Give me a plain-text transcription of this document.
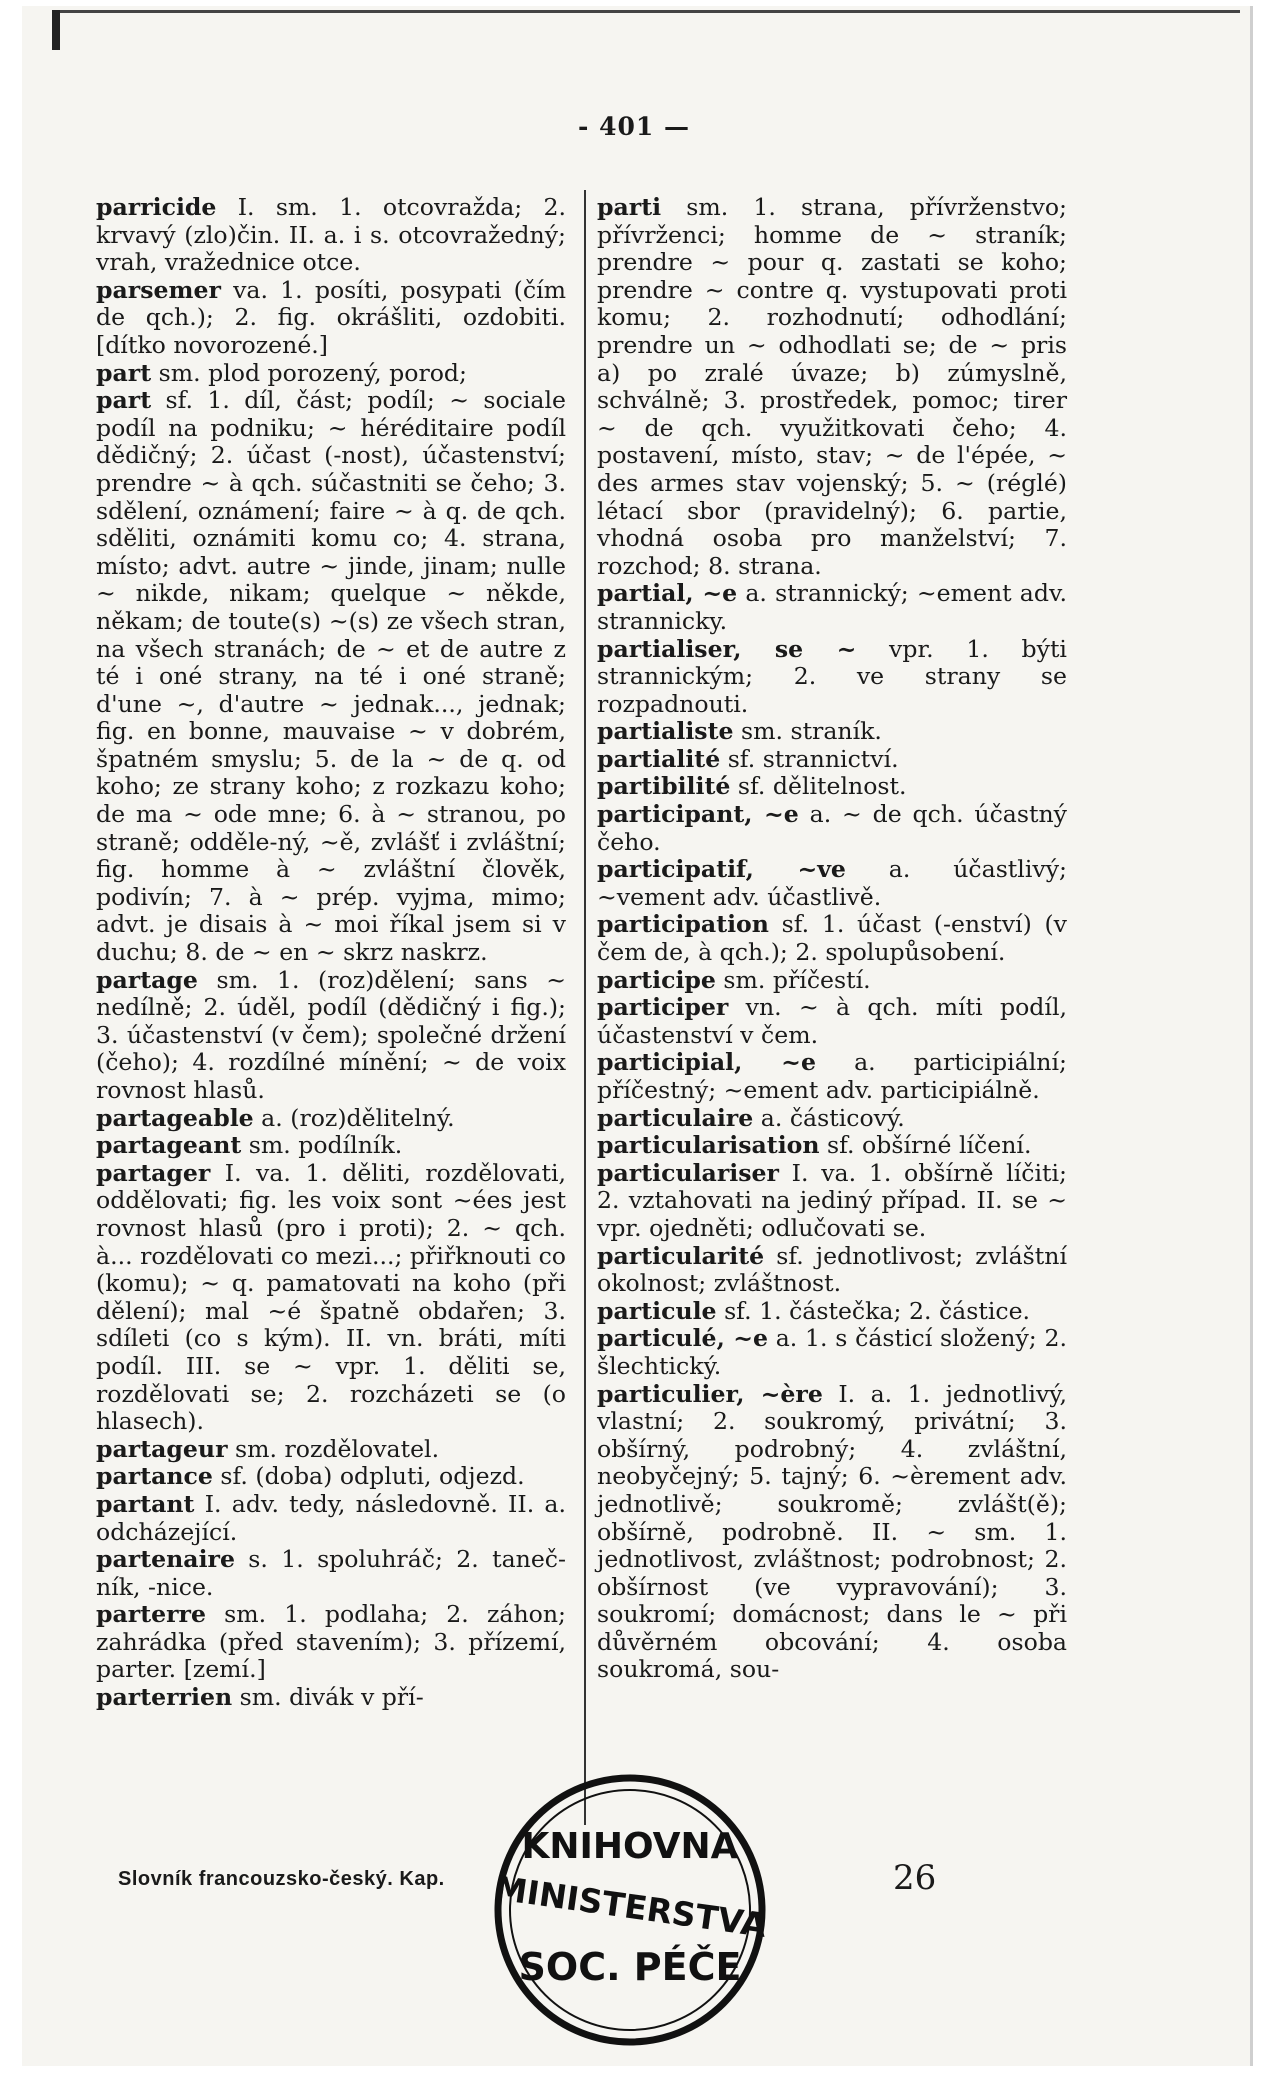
- 401 —
parricide I. sm. 1. otcovražda; 2. krvavý (zlo)čin. II. a. i s. otcovražedný; vrah, vražednice otce.
parsemer va. 1. posíti, posypati (čím de qch.); 2. fig. okrášliti, ozdobiti. [dítko novorozené.]
part sm. plod porozený, porod;
part sf. 1. díl, část; podíl; ~ sociale podíl na podniku; ~ héréditaire podíl dědičný; 2. účast (-nost), účastenství; prendre ~ à qch. súčastniti se čeho; 3. sdělení, oznámení; faire ~ à q. de qch. sděliti, oznámiti komu co; 4. strana, místo; advt. autre ~ jinde, jinam; nulle ~ nikde, nikam; quelque ~ někde, někam; de toute(s) ~(s) ze všech stran, na všech stranách; de ~ et de autre z té i oné strany, na té i oné straně; d'une ~, d'autre ~ jednak..., jednak; fig. en bonne, mauvaise ~ v dobrém, špatném smyslu; 5. de la ~ de q. od koho; ze strany koho; z rozkazu koho; de ma ~ ode mne; 6. à ~ stranou, po straně; odděle-ný, ~ě, zvlášť i zvláštní; fig. homme à ~ zvláštní člověk, podivín; 7. à ~ prép. vyjma, mimo; advt. je disais à ~ moi říkal jsem si v duchu; 8. de ~ en ~ skrz naskrz.
partage sm. 1. (roz)dělení; sans ~ nedílně; 2. úděl, podíl (dědičný i fig.); 3. účastenství (v čem); společné držení (čeho); 4. rozdílné mínění; ~ de voix rovnost hlasů.
partageable a. (roz)dělitelný.
partageant sm. podílník.
partager I. va. 1. děliti, rozdělovati, oddělovati; fig. les voix sont ~ées jest rovnost hlasů (pro i proti); 2. ~ qch. à... rozdělovati co mezi...; přiřknouti co (komu); ~ q. pamatovati na koho (při dělení); mal ~é špatně obdařen; 3. sdíleti (co s kým). II. vn. bráti, míti podíl. III. se ~ vpr. 1. děliti se, rozdělovati se; 2. rozcházeti se (o hlasech).
partageur sm. rozdělovatel.
partance sf. (doba) odpluti, odjezd.
partant I. adv. tedy, následovně. II. a. odcházející.
partenaire s. 1. spoluhráč; 2. taneč-ník, -nice.
parterre sm. 1. podlaha; 2. záhon; zahrádka (před stavením); 3. přízemí, parter. [zemí.]
parterrien sm. divák v pří-
parti sm. 1. strana, přívrženstvo; přívrženci; homme de ~ straník; prendre ~ pour q. zastati se koho; prendre ~ contre q. vystupovati proti komu; 2. rozhodnutí; odhodlání; prendre un ~ odhodlati se; de ~ pris a) po zralé úvaze; b) zúmyslně, schválně; 3. prostředek, pomoc; tirer ~ de qch. využitkovati čeho; 4. postavení, místo, stav; ~ de l'épée, ~ des armes stav vojenský; 5. ~ (réglé) létací sbor (pravidelný); 6. partie, vhodná osoba pro manželství; 7. rozchod; 8. strana.
partial, ~e a. strannický; ~ement adv. strannicky.
partialiser, se ~ vpr. 1. býti strannickým; 2. ve strany se rozpadnouti.
partialiste sm. straník.
partialité sf. strannictví.
partibilité sf. dělitelnost.
participant, ~e a. ~ de qch. účastný čeho.
participatif, ~ve a. účastlivý; ~vement adv. účastlivě.
participation sf. 1. účast (-enství) (v čem de, à qch.); 2. spolupůsobení.
participe sm. příčestí.
participer vn. ~ à qch. míti podíl, účastenství v čem.
participial, ~e a. participiální; příčestný; ~ement adv. participiálně.
particulaire a. částicový.
particularisation sf. obšírné líčení.
particulariser I. va. 1. obšírně líčiti; 2. vztahovati na jediný případ. II. se ~ vpr. ojedněti; odlučovati se.
particularité sf. jednotlivost; zvláštní okolnost; zvláštnost.
particule sf. 1. částečka; 2. částice.
particulé, ~e a. 1. s částicí složený; 2. šlechtický.
particulier, ~ère I. a. 1. jednotlivý, vlastní; 2. soukromý, privátní; 3. obšírný, podrobný; 4. zvláštní, neobyčejný; 5. tajný; 6. ~èrement adv. jednotlivě; soukromě; zvlášt(ě); obšírně, podrobně. II. ~ sm. 1. jednotlivost, zvláštnost; podrobnost; 2. obšírnost (ve vypravování); 3. soukromí; domácnost; dans le ~ při důvěrném obcování; 4. osoba soukromá, sou-
Slovník francouzsko-český. Kap.	26
KNIHOVNA
MINISTERSTVA
SOC. PÉČE
